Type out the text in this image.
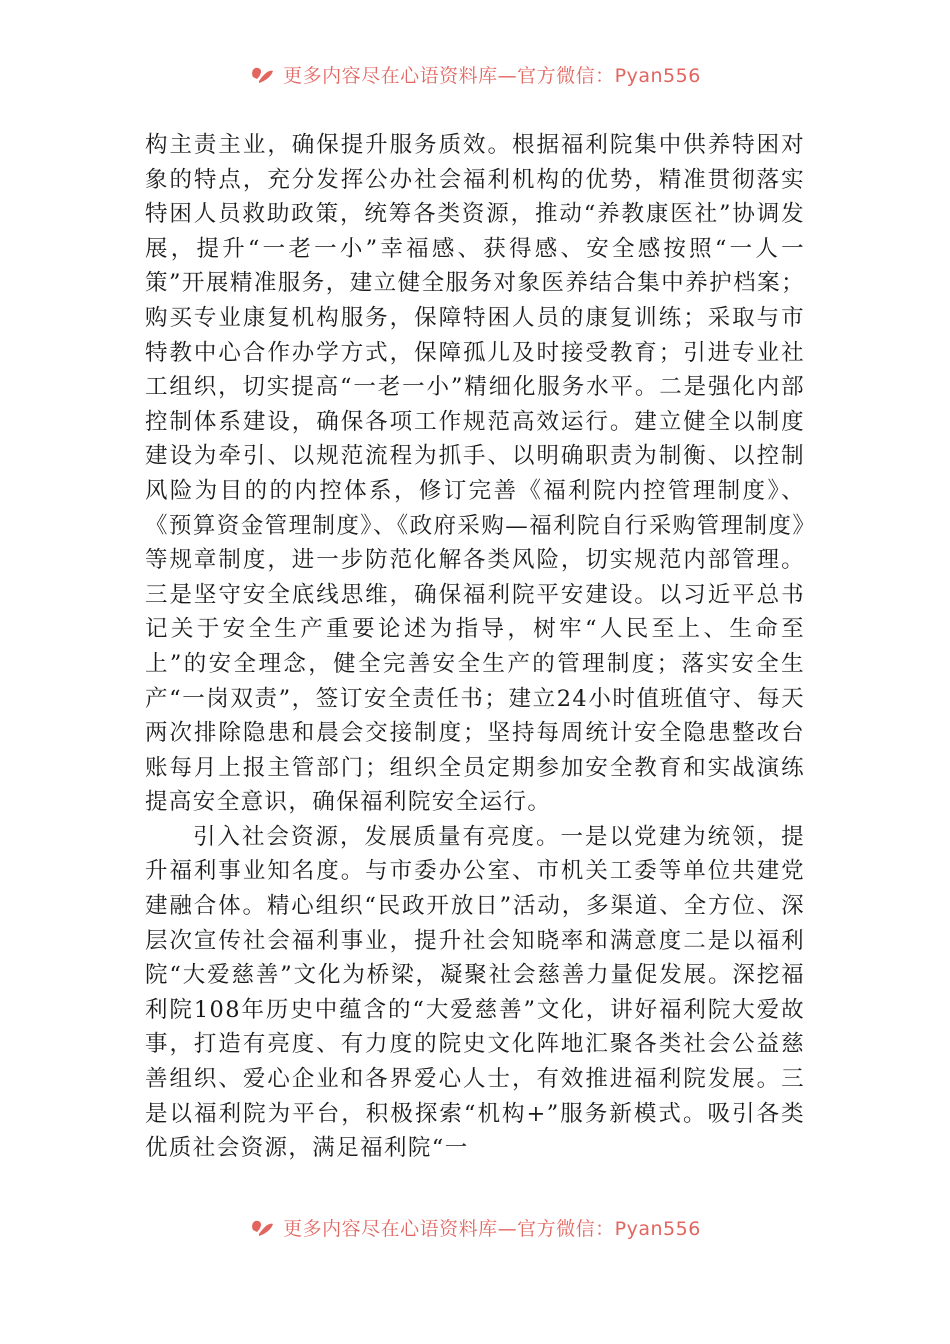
更多内容尽在心语资料库—官方微信：Pyan556

构主责主业，确保提升服务质效。根据福利院集中供养特困对象的特点，充分发挥公办社会福利机构的优势，精准贯彻落实特困人员救助政策，统筹各类资源，推动“养教康医社”协调发展，提升“一老一小”幸福感、获得感、安全感按照“一人一策”开展精准服务，建立健全服务对象医养结合集中养护档案；购买专业康复机构服务，保障特困人员的康复训练；采取与市特教中心合作办学方式，保障孤儿及时接受教育；引进专业社工组织，切实提高“一老一小”精细化服务水平。二是强化内部控制体系建设，确保各项工作规范高效运行。建立健全以制度建设为牵引、以规范流程为抓手、以明确职责为制衡、以控制风险为目的的内控体系，修订完善《福利院内控管理制度》、《预算资金管理制度》、《政府采购—福利院自行采购管理制度》等规章制度，进一步防范化解各类风险，切实规范内部管理。三是坚守安全底线思维，确保福利院平安建设。以习近平总书记关于安全生产重要论述为指导，树牢“人民至上、生命至上”的安全理念，健全完善安全生产的管理制度；落实安全生产“一岗双责”，签订安全责任书；建立24小时值班值守、每天两次排除隐患和晨会交接制度；坚持每周统计安全隐患整改台账每月上报主管部门；组织全员定期参加安全教育和实战演练提高安全意识，确保福利院安全运行。

引入社会资源，发展质量有亮度。一是以党建为统领，提升福利事业知名度。与市委办公室、市机关工委等单位共建党建融合体。精心组织“民政开放日”活动，多渠道、全方位、深层次宣传社会福利事业，提升社会知晓率和满意度二是以福利院“大爱慈善”文化为桥梁，凝聚社会慈善力量促发展。深挖福利院108年历史中蕴含的“大爱慈善”文化，讲好福利院大爱故事，打造有亮度、有力度的院史文化阵地汇聚各类社会公益慈善组织、爱心企业和各界爱心人士，有效推进福利院发展。三是以福利院为平台，积极探索“机构+”服务新模式。吸引各类优质社会资源，满足福利院“一

更多内容尽在心语资料库—官方微信：Pyan556
